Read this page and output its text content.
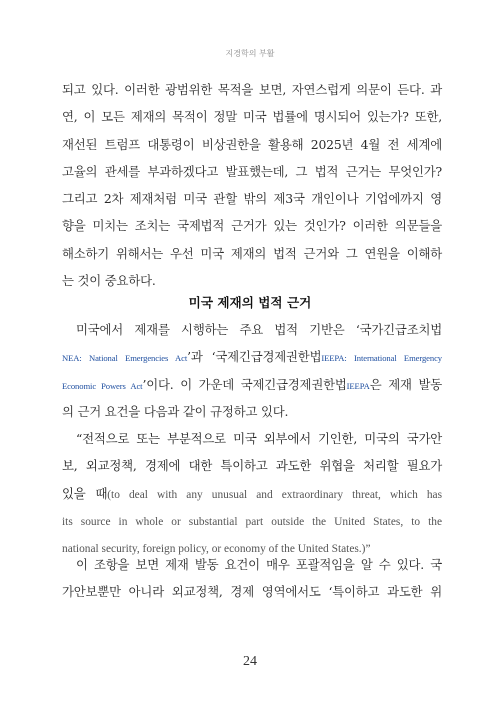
지경학의 부활
되고 있다. 이러한 광범위한 목적을 보면, 자연스럽게 의문이 든다. 과
연, 이 모든 제재의 목적이 정말 미국 법률에 명시되어 있는가? 또한,
재선된 트럼프 대통령이 비상권한을 활용해 2025년 4월 전 세계에
고율의 관세를 부과하겠다고 발표했는데, 그 법적 근거는 무엇인가?
그리고 2차 제재처럼 미국 관할 밖의 제3국 개인이나 기업에까지 영
향을 미치는 조치는 국제법적 근거가 있는 것인가? 이러한 의문들을
해소하기 위해서는 우선 미국 제재의 법적 근거와 그 연원을 이해하
는 것이 중요하다.
미국 제재의 법적 근거
미국에서 제재를 시행하는 주요 법적 기반은 ‘국가긴급조치법
NEA: National Emergencies Act’과 ‘국제긴급경제권한법IEEPA: International Emergency
Economic Powers Act’이다. 이 가운데 국제긴급경제권한법IEEPA은 제재 발동
의 근거 요건을 다음과 같이 규정하고 있다.
“전적으로 또는 부분적으로 미국 외부에서 기인한, 미국의 국가안
보, 외교정책, 경제에 대한 특이하고 과도한 위협을 처리할 필요가
있을 때(to deal with any unusual and extraordinary threat, which has
its source in whole or substantial part outside the United States, to the
national security, foreign policy, or economy of the United States.)”
이 조항을 보면 제재 발동 요건이 매우 포괄적임을 알 수 있다. 국
가안보뿐만 아니라 외교정책, 경제 영역에서도 ‘특이하고 과도한 위
24
